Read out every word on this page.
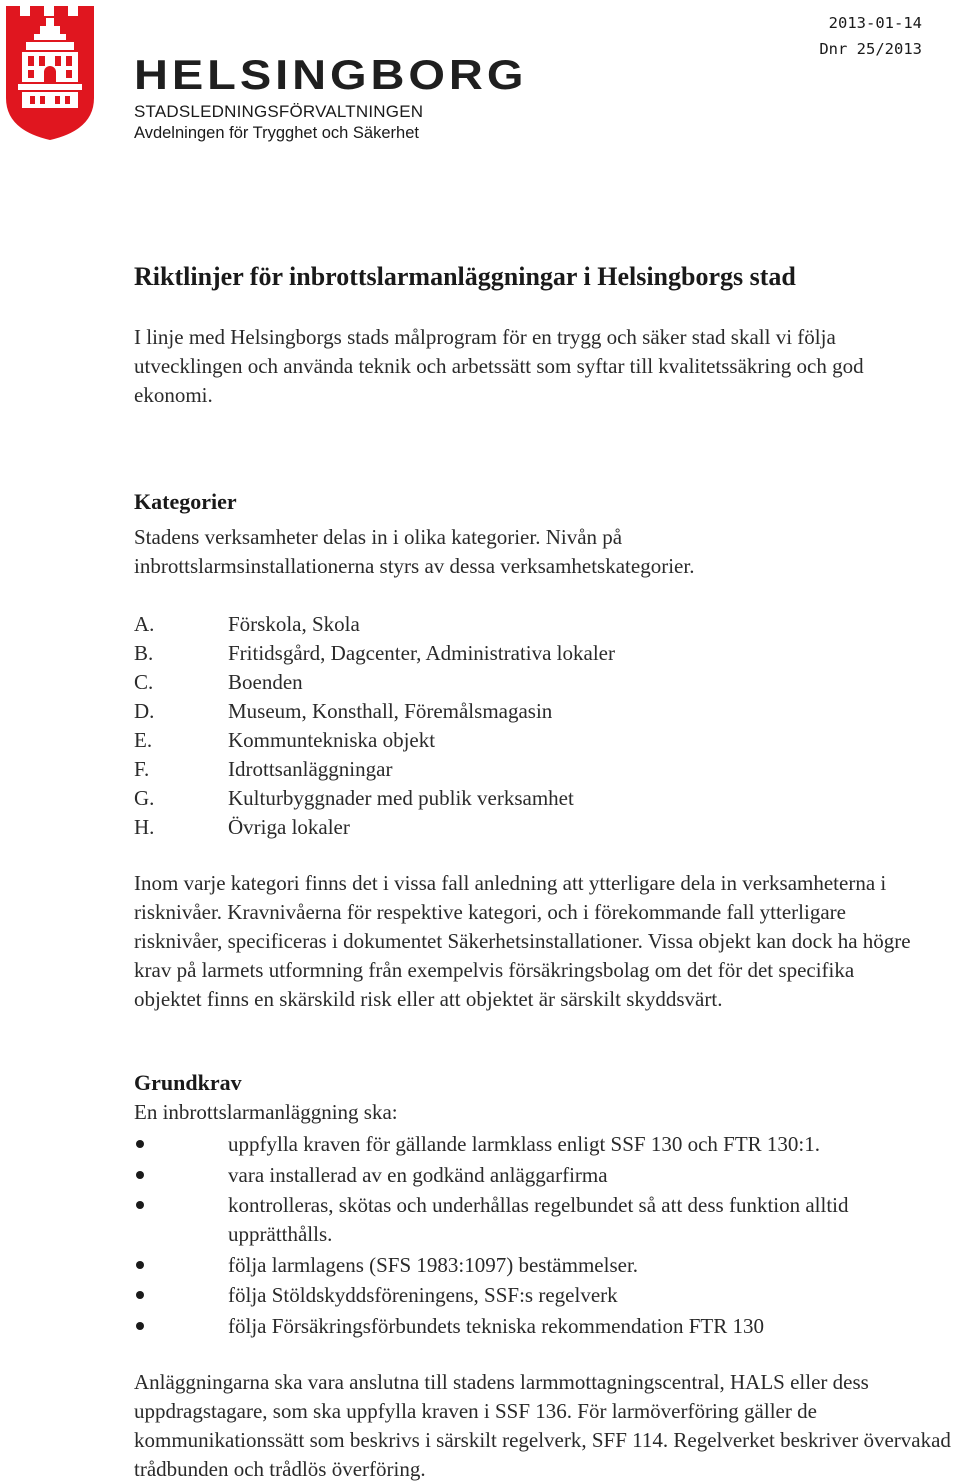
HELSINGBORG
STADSLEDNINGSFÖRVALTNINGEN
Avdelningen för Trygghet och Säkerhet
2013-01-14
Dnr 25/2013
Riktlinjer för inbrottslarmanläggningar i Helsingborgs stad

I linje med Helsingborgs stads målprogram för en trygg och säker stad skall vi följa utvecklingen och använda teknik och arbetssätt som syftar till kvalitetssäkring och god ekonomi.

Kategorier

Stadens verksamheter delas in i olika kategorier. Nivån på inbrottslarmsinstallationerna styrs av dessa verksamhetskategorier.

A.	Förskola, Skola
B.	Fritidsgård, Dagcenter, Administrativa lokaler
C.	Boenden
D.	Museum, Konsthall, Föremålsmagasin
E.	Kommuntekniska objekt
F.	Idrottsanläggningar
G.	Kulturbyggnader med publik verksamhet
H.	Övriga lokaler

Inom varje kategori finns det i vissa fall anledning att ytterligare dela in verksamheterna i risknivåer. Kravnivåerna för respektive kategori, och i förekommande fall ytterligare risknivåer, specificeras i dokumentet Säkerhetsinstallationer. Vissa objekt kan dock ha högre krav på larmets utformning från exempelvis försäkringsbolag om det för det specifika objektet finns en skärskild risk eller att objektet är särskilt skyddsvärt.

Grundkrav

En inbrottslarmanläggning ska:

uppfylla kraven för gällande larmklass enligt SSF 130 och FTR 130:1.
vara installerad av en godkänd anläggarfirma
kontrolleras, skötas och underhållas regelbundet så att dess funktion alltid upprätthålls.
följa larmlagens (SFS 1983:1097) bestämmelser.
följa Stöldskyddsföreningens, SSF:s regelverk
följa Försäkringsförbundets tekniska rekommendation FTR 130

Anläggningarna ska vara anslutna till stadens larmmottagningscentral, HALS eller dess uppdragstagare, som ska uppfylla kraven i SSF 136. För larmöverföring gäller de kommunikationssätt som beskrivs i särskilt regelverk, SFF 114. Regelverket beskriver övervakad trådbunden och trådlös överföring.
